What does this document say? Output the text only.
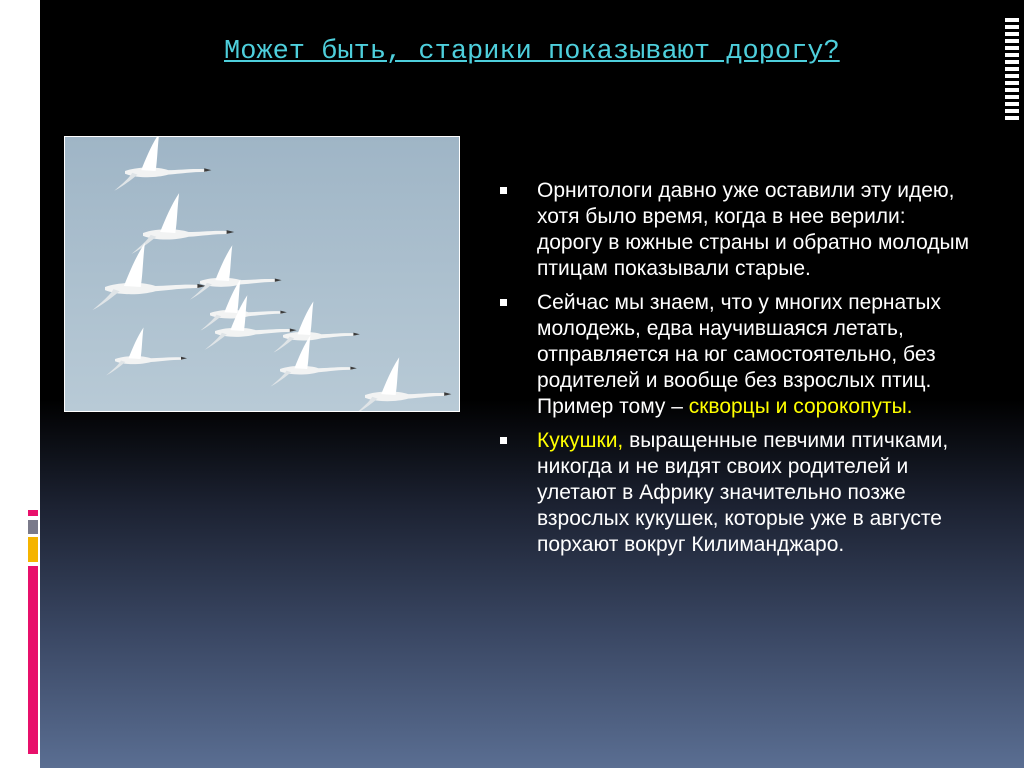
Может быть, старики показывают дорогу?
Орнитологи давно уже оставили эту идею, хотя было время, когда в нее верили: дорогу в южные страны и обратно молодым птицам показывали старые.
Сейчас мы знаем, что у многих пернатых молодежь, едва научившаяся летать, отправляется на юг самостоятельно, без родителей и вообще без взрослых птиц. Пример тому – скворцы и сорокопуты.
Кукушки, выращенные певчими птичками, никогда и не видят своих родителей и улетают в Африку значительно позже взрослых кукушек, которые уже в августе порхают вокруг Килиманджаро.
